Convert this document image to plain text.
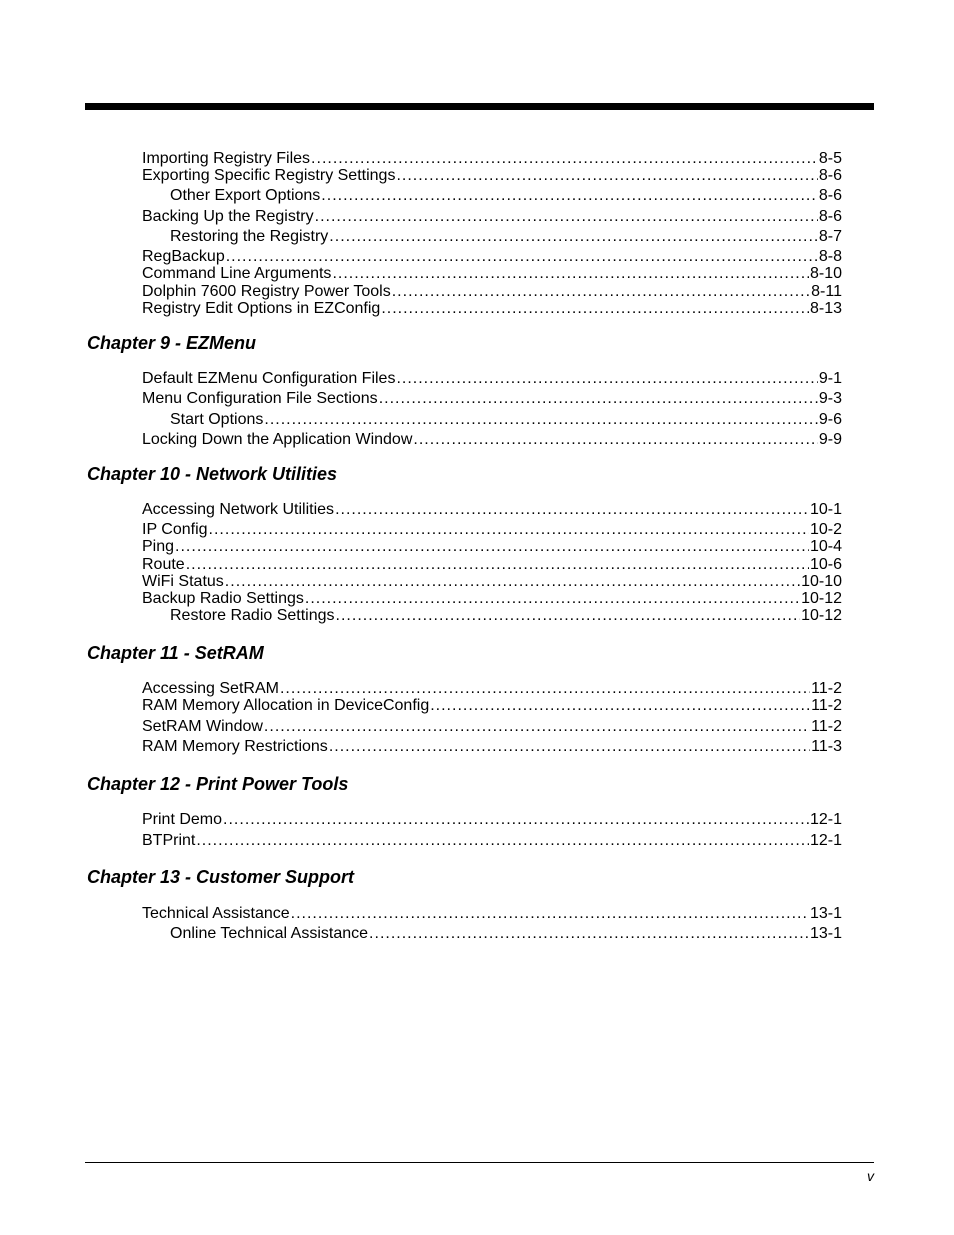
Importing Registry Files .....	8-5
Exporting Specific Registry Settings .....	8-6
Other Export Options .....	8-6
Backing Up the Registry .....	8-6
Restoring the Registry .....	8-7
RegBackup .....	8-8
Command Line Arguments .....	8-10
Dolphin 7600 Registry Power Tools .....	8-11
Registry Edit Options in EZConfig .....	8-13
Chapter 9 - EZMenu
Default EZMenu Configuration Files .....	9-1
Menu Configuration File Sections .....	9-3
Start Options .....	9-6
Locking Down the Application Window .....	9-9
Chapter 10 - Network Utilities
Accessing Network Utilities .....	10-1
IP Config .....	10-2
Ping .....	10-4
Route .....	10-6
WiFi Status .....	10-10
Backup Radio Settings .....	10-12
Restore Radio Settings .....	10-12
Chapter 11 - SetRAM
Accessing SetRAM .....	11-2
RAM Memory Allocation in DeviceConfig .....	11-2
SetRAM Window .....	11-2
RAM Memory Restrictions .....	11-3
Chapter 12 - Print Power Tools
Print Demo .....	12-1
BTPrint .....	12-1
Chapter 13 - Customer Support
Technical Assistance .....	13-1
Online Technical Assistance .....	13-1
v
